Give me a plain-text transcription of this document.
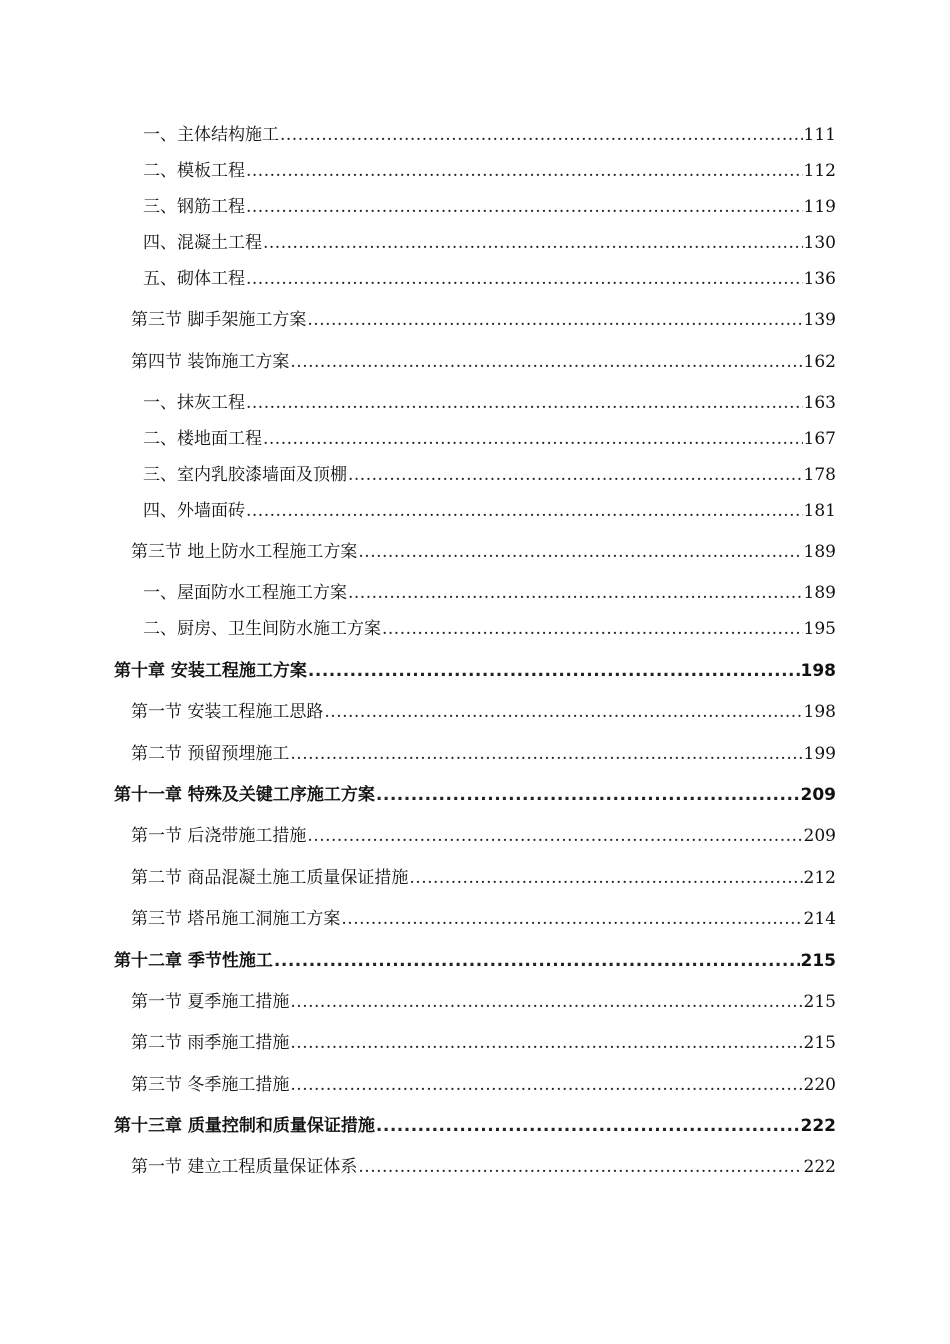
一、主体结构施工 .....	111
二、模板工程 .....	112
三、钢筋工程 .....	119
四、混凝土工程 .....	130
五、砌体工程 .....	136
第三节 脚手架施工方案 .....	139
第四节 装饰施工方案 .....	162
一、抹灰工程 .....	163
二、楼地面工程 .....	167
三、室内乳胶漆墙面及顶棚 .....	178
四、外墙面砖 .....	181
第三节 地上防水工程施工方案 .....	189
一、屋面防水工程施工方案 .....	189
二、厨房、卫生间防水施工方案 .....	195
第十章 安装工程施工方案 .....	198
第一节 安装工程施工思路 .....	198
第二节 预留预埋施工 .....	199
第十一章 特殊及关键工序施工方案 .....	209
第一节 后浇带施工措施 .....	209
第二节 商品混凝土施工质量保证措施 .....	212
第三节 塔吊施工洞施工方案 .....	214
第十二章 季节性施工 .....	215
第一节 夏季施工措施 .....	215
第二节 雨季施工措施 .....	215
第三节 冬季施工措施 .....	220
第十三章 质量控制和质量保证措施 .....	222
第一节 建立工程质量保证体系 .....	222
